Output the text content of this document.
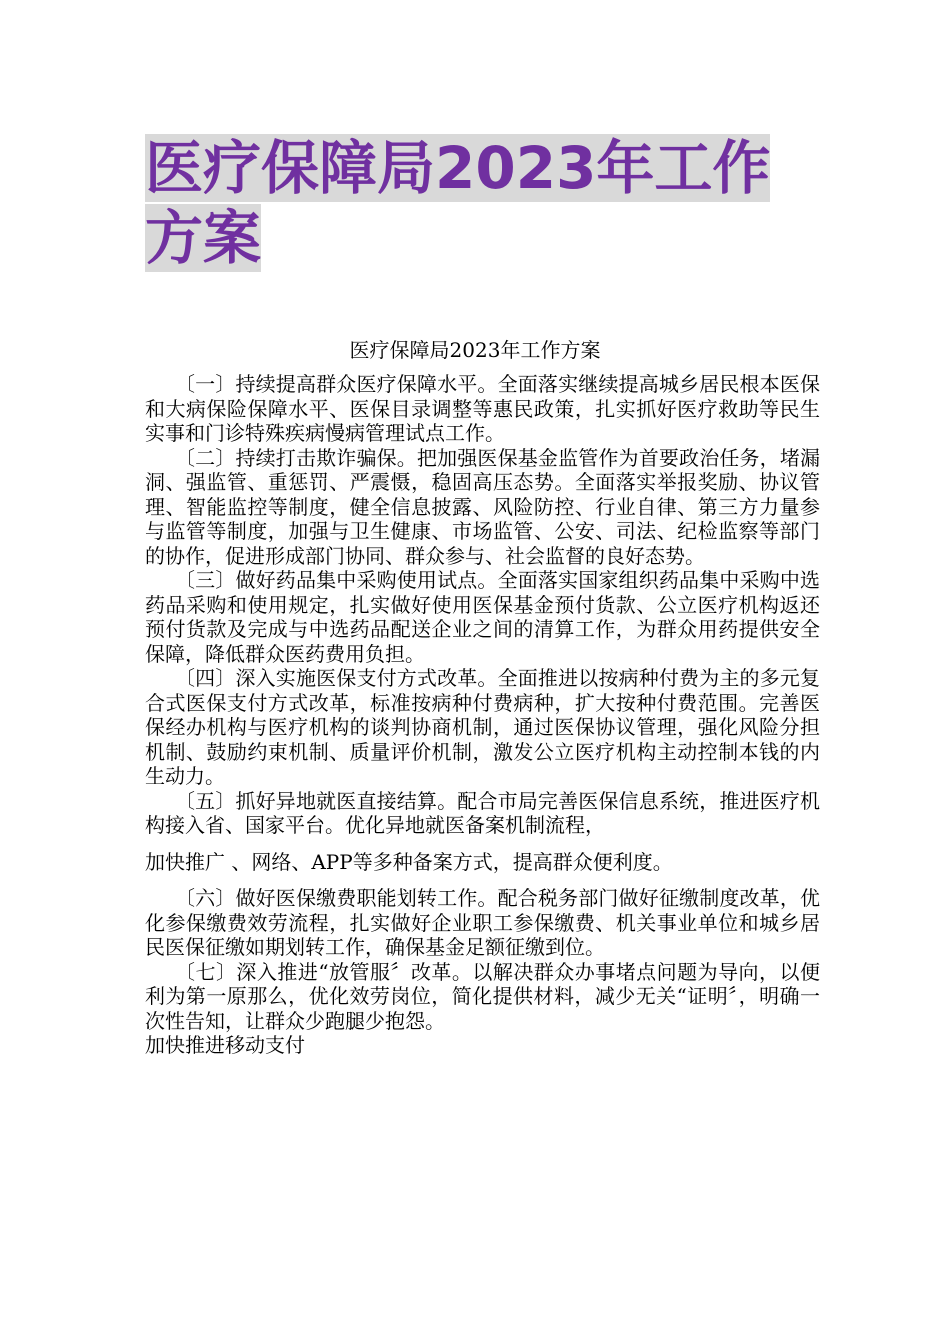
医疗保障局2023年工作方案

医疗保障局2023年工作方案

〔一〕持续提高群众医疗保障水平。全面落实继续提高城乡居民根本医保和大病保险保障水平、医保目录调整等惠民政策，扎实抓好医疗救助等民生实事和门诊特殊疾病慢病管理试点工作。

〔二〕持续打击欺诈骗保。把加强医保基金监管作为首要政治任务，堵漏洞、强监管、重惩罚、严震慑，稳固高压态势。全面落实举报奖励、协议管理、智能监控等制度，健全信息披露、风险防控、行业自律、第三方力量参与监管等制度，加强与卫生健康、市场监管、公安、司法、纪检监察等部门的协作，促进形成部门协同、群众参与、社会监督的良好态势。

〔三〕做好药品集中采购使用试点。全面落实国家组织药品集中采购中选药品采购和使用规定，扎实做好使用医保基金预付货款、公立医疗机构返还预付货款及完成与中选药品配送企业之间的清算工作，为群众用药提供安全保障，降低群众医药费用负担。

〔四〕深入实施医保支付方式改革。全面推进以按病种付费为主的多元复合式医保支付方式改革，标准按病种付费病种，扩大按种付费范围。完善医保经办机构与医疗机构的谈判协商机制，通过医保协议管理，强化风险分担机制、鼓励约束机制、质量评价机制，激发公立医疗机构主动控制本钱的内生动力。

〔五〕抓好异地就医直接结算。配合市局完善医保信息系统，推进医疗机构接入省、国家平台。优化异地就医备案机制流程，

加快推广 、网络、APP等多种备案方式，提高群众便利度。

〔六〕做好医保缴费职能划转工作。配合税务部门做好征缴制度改革，优化参保缴费效劳流程，扎实做好企业职工参保缴费、机关事业单位和城乡居民医保征缴如期划转工作，确保基金足额征缴到位。

〔七〕深入推进“放管服〞改革。以解决群众办事堵点问题为导向，以便利为第一原那么，优化效劳岗位，简化提供材料，减少无关“证明〞，明确一次性告知，让群众少跑腿少抱怨。

加快推进移动支付
